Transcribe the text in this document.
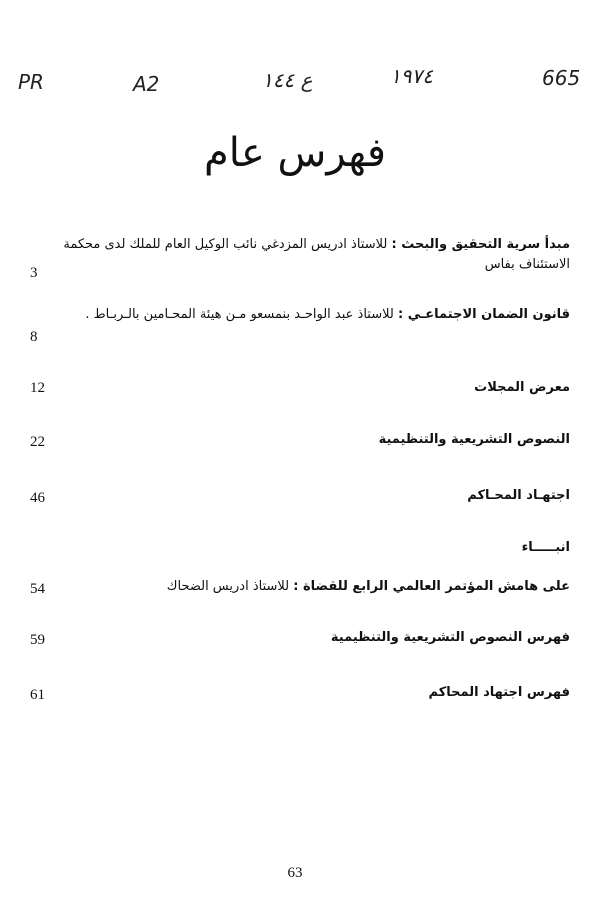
PR	A2	ع ١٤٤	١٩٧٤	665
فهرس عام
مبدأ سرية التحقيق والبحث : للاستاذ ادريس المزدغي نائب الوكيل العام للملك لدى محكمة الاستئناف بفاس
3
قانون الضمان الاجتماعـي : للاستاذ عبد الواحـد بنمسعو مـن هيئة المحـامين بالـربـاط .
8
معرض المجلات
12
النصوص التشريعية والتنظيمية
22
اجتهـاد المحـاكم
46
انبـــــاء
على هامش المؤتمر العالمي الرابع للقضاة : للاستاذ ادريس الضحاك
54
فهرس النصوص التشريعية والتنظيمية
59
فهرس اجتهاد المحاكم
61
63
